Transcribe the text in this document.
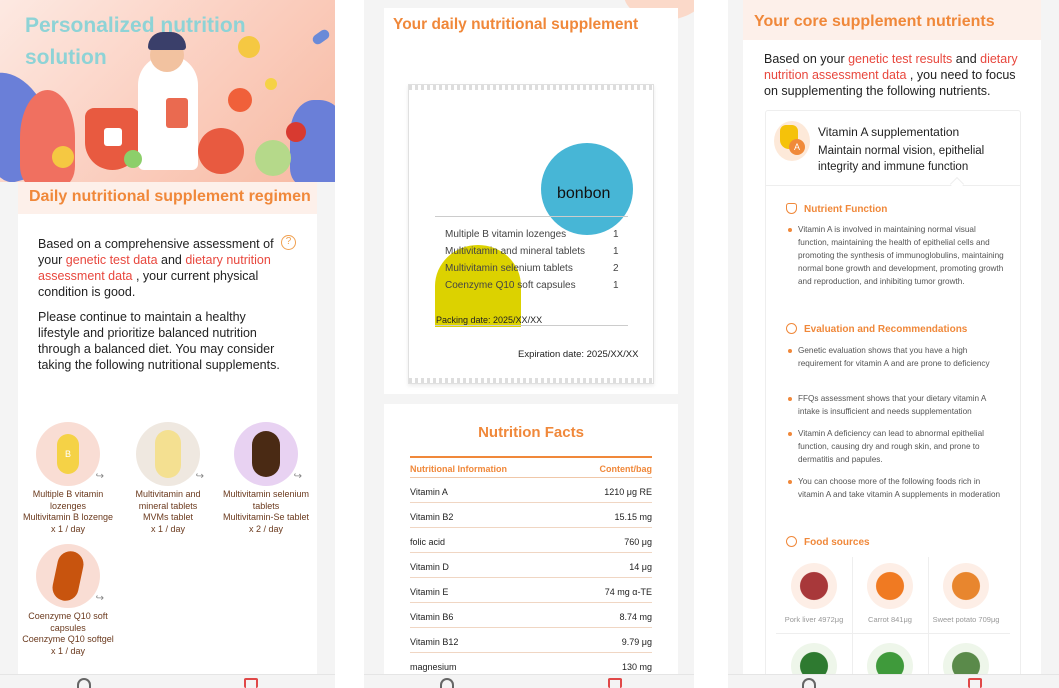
Personalized nutrition
solution
Daily nutritional supplement regimen
Based on a comprehensive assessment of your genetic test data and dietary nutrition assessment data , your current physical condition is good.
?
Please continue to maintain a healthy lifestyle and prioritize balanced nutrition through a balanced diet. You may consider taking the following nutritional supplements.
B
↪
Multiple B vitamin lozenges
Multivitamin B lozenge
x 1 / day
↪
Multivitamin and mineral tablets
MVMs tablet
x 1 / day
↪
Multivitamin selenium tablets
Multivitamin-Se tablet
x 2 / day
↪
Coenzyme Q10 soft capsules
Coenzyme Q10 softgel
x 1 / day
Your daily nutritional supplement
bonbon
Multiple B vitamin lozenges	1
Multivitamin and mineral tablets	1
Multivitamin selenium tablets	2
Coenzyme Q10 soft capsules	1
Packing date: 2025/XX/XX
Expiration date: 2025/XX/XX
Nutrition Facts
Nutritional Information	Content/bag
Vitamin A	1210 μg RE
Vitamin B2	15.15 mg
folic acid	760 μg
Vitamin D	14 μg
Vitamin E	74 mg α-TE
Vitamin B6	8.74 mg
Vitamin B12	9.79 μg
magnesium	130 mg
Your core supplement nutrients
Based on your genetic test results and dietary nutrition assessment data , you need to focus on supplementing the following nutrients.
A
Vitamin A supplementation
Maintain normal vision, epithelial integrity and immune function
Nutrient Function
Vitamin A is involved in maintaining normal visual function, maintaining the health of epithelial cells and promoting the synthesis of immunoglobulins, maintaining normal bone growth and development, promoting growth and reproduction, and inhibiting tumor growth.
Evaluation and Recommendations
Genetic evaluation shows that you have a high requirement for vitamin A and are prone to deficiency
FFQs assessment shows that your dietary vitamin A intake is insufficient and needs supplementation
Vitamin A deficiency can lead to abnormal epithelial function, causing dry and rough skin, and prone to dermatitis and papules.
You can choose more of the following foods rich in vitamin A and take vitamin A supplements in moderation
Food sources
Pork liver 4972μg	Carrot 841μg	Sweet potato 709μg
